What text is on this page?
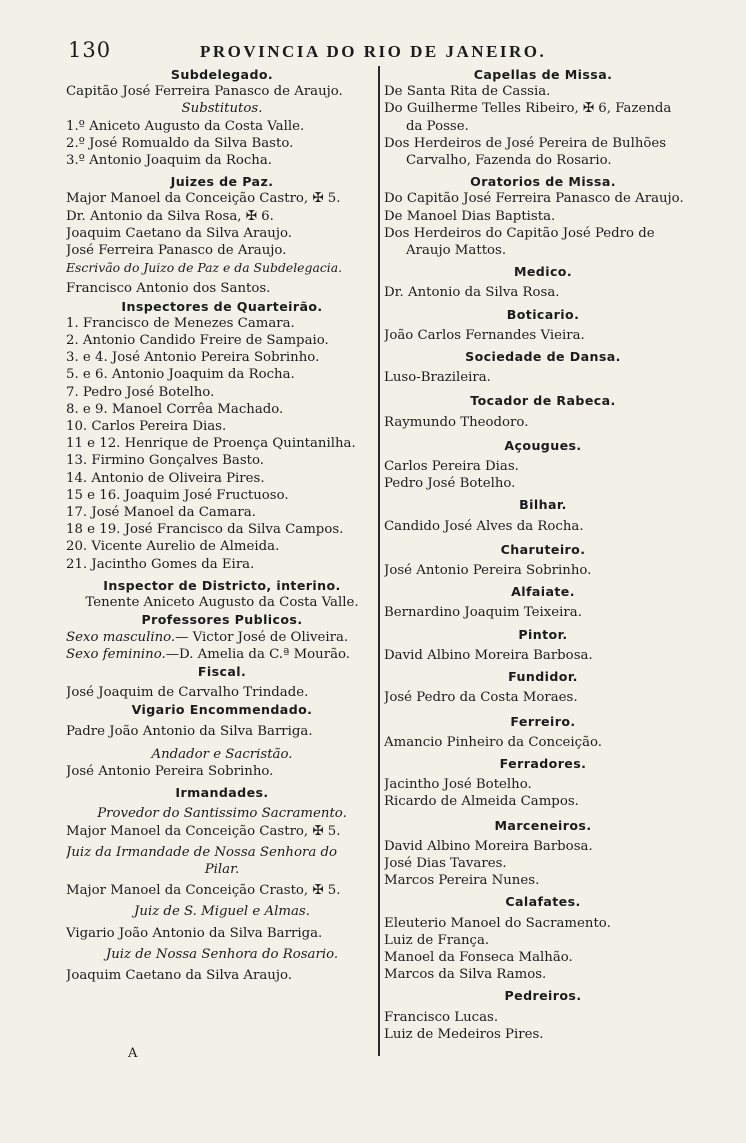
130	PROVINCIA DO RIO DE JANEIRO.
Subdelegado.
Capitão José Ferreira Panasco de Araujo.
Substitutos.
1.º Aniceto Augusto da Costa Valle.
2.º José Romualdo da Silva Basto.
3.º Antonio Joaquim da Rocha.
Juizes de Paz.
Major Manoel da Conceição Castro, ✠ 5.
Dr. Antonio da Silva Rosa, ✠ 6.
Joaquim Caetano da Silva Araujo.
José Ferreira Panasco de Araujo.
Escrivão do Juizo de Paz e da Subdelegacia.
Francisco Antonio dos Santos.
Inspectores de Quarteirão.
1. Francisco de Menezes Camara.
2. Antonio Candido Freire de Sampaio.
3. e 4. José Antonio Pereira Sobrinho.
5. e 6. Antonio Joaquim da Rocha.
7. Pedro José Botelho.
8. e 9. Manoel Corrêa Machado.
10. Carlos Pereira Dias.
11 e 12. Henrique de Proença Quintanilha.
13. Firmino Gonçalves Basto.
14. Antonio de Oliveira Pires.
15 e 16. Joaquim José Fructuoso.
17. José Manoel da Camara.
18 e 19. José Francisco da Silva Campos.
20. Vicente Aurelio de Almeida.
21. Jacintho Gomes da Eira.
Inspector de Districto, interino.
Tenente Aniceto Augusto da Costa Valle.
Professores Publicos.
Sexo masculino.— Victor José de Oliveira.
Sexo feminino.—D. Amelia da C.ª Mourão.
Fiscal.
José Joaquim de Carvalho Trindade.
Vigario Encommendado.
Padre João Antonio da Silva Barriga.
Andador e Sacristão.
José Antonio Pereira Sobrinho.
Irmandades.
Provedor do Santissimo Sacramento.
Major Manoel da Conceição Castro, ✠ 5.
Juiz da Irmandade de Nossa Senhora do
Pilar.
Major Manoel da Conceição Crasto, ✠ 5.
Juiz de S. Miguel e Almas.
Vigario João Antonio da Silva Barriga.
Juiz de Nossa Senhora do Rosario.
Joaquim Caetano da Silva Araujo.
Capellas de Missa.
De Santa Rita de Cassia.
Do Guilherme Telles Ribeiro, ✠ 6, Fazenda
da Posse.
Dos Herdeiros de José Pereira de Bulhões
Carvalho, Fazenda do Rosario.
Oratorios de Missa.
Do Capitão José Ferreira Panasco de Araujo.
De Manoel Dias Baptista.
Dos Herdeiros do Capitão José Pedro de
Araujo Mattos.
Medico.
Dr. Antonio da Silva Rosa.
Boticario.
João Carlos Fernandes Vieira.
Sociedade de Dansa.
Luso-Brazileira.
Tocador de Rabeca.
Raymundo Theodoro.
Açougues.
Carlos Pereira Dias.
Pedro José Botelho.
Bilhar.
Candido José Alves da Rocha.
Charuteiro.
José Antonio Pereira Sobrinho.
Alfaiate.
Bernardino Joaquim Teixeira.
Pintor.
David Albino Moreira Barbosa.
Fundidor.
José Pedro da Costa Moraes.
Ferreiro.
Amancio Pinheiro da Conceição.
Ferradores.
Jacintho José Botelho.
Ricardo de Almeida Campos.
Marceneiros.
David Albino Moreira Barbosa.
José Dias Tavares.
Marcos Pereira Nunes.
Calafates.
Eleuterio Manoel do Sacramento.
Luiz de França.
Manoel da Fonseca Malhão.
Marcos da Silva Ramos.
Pedreiros.
Francisco Lucas.
Luiz de Medeiros Pires.
A
